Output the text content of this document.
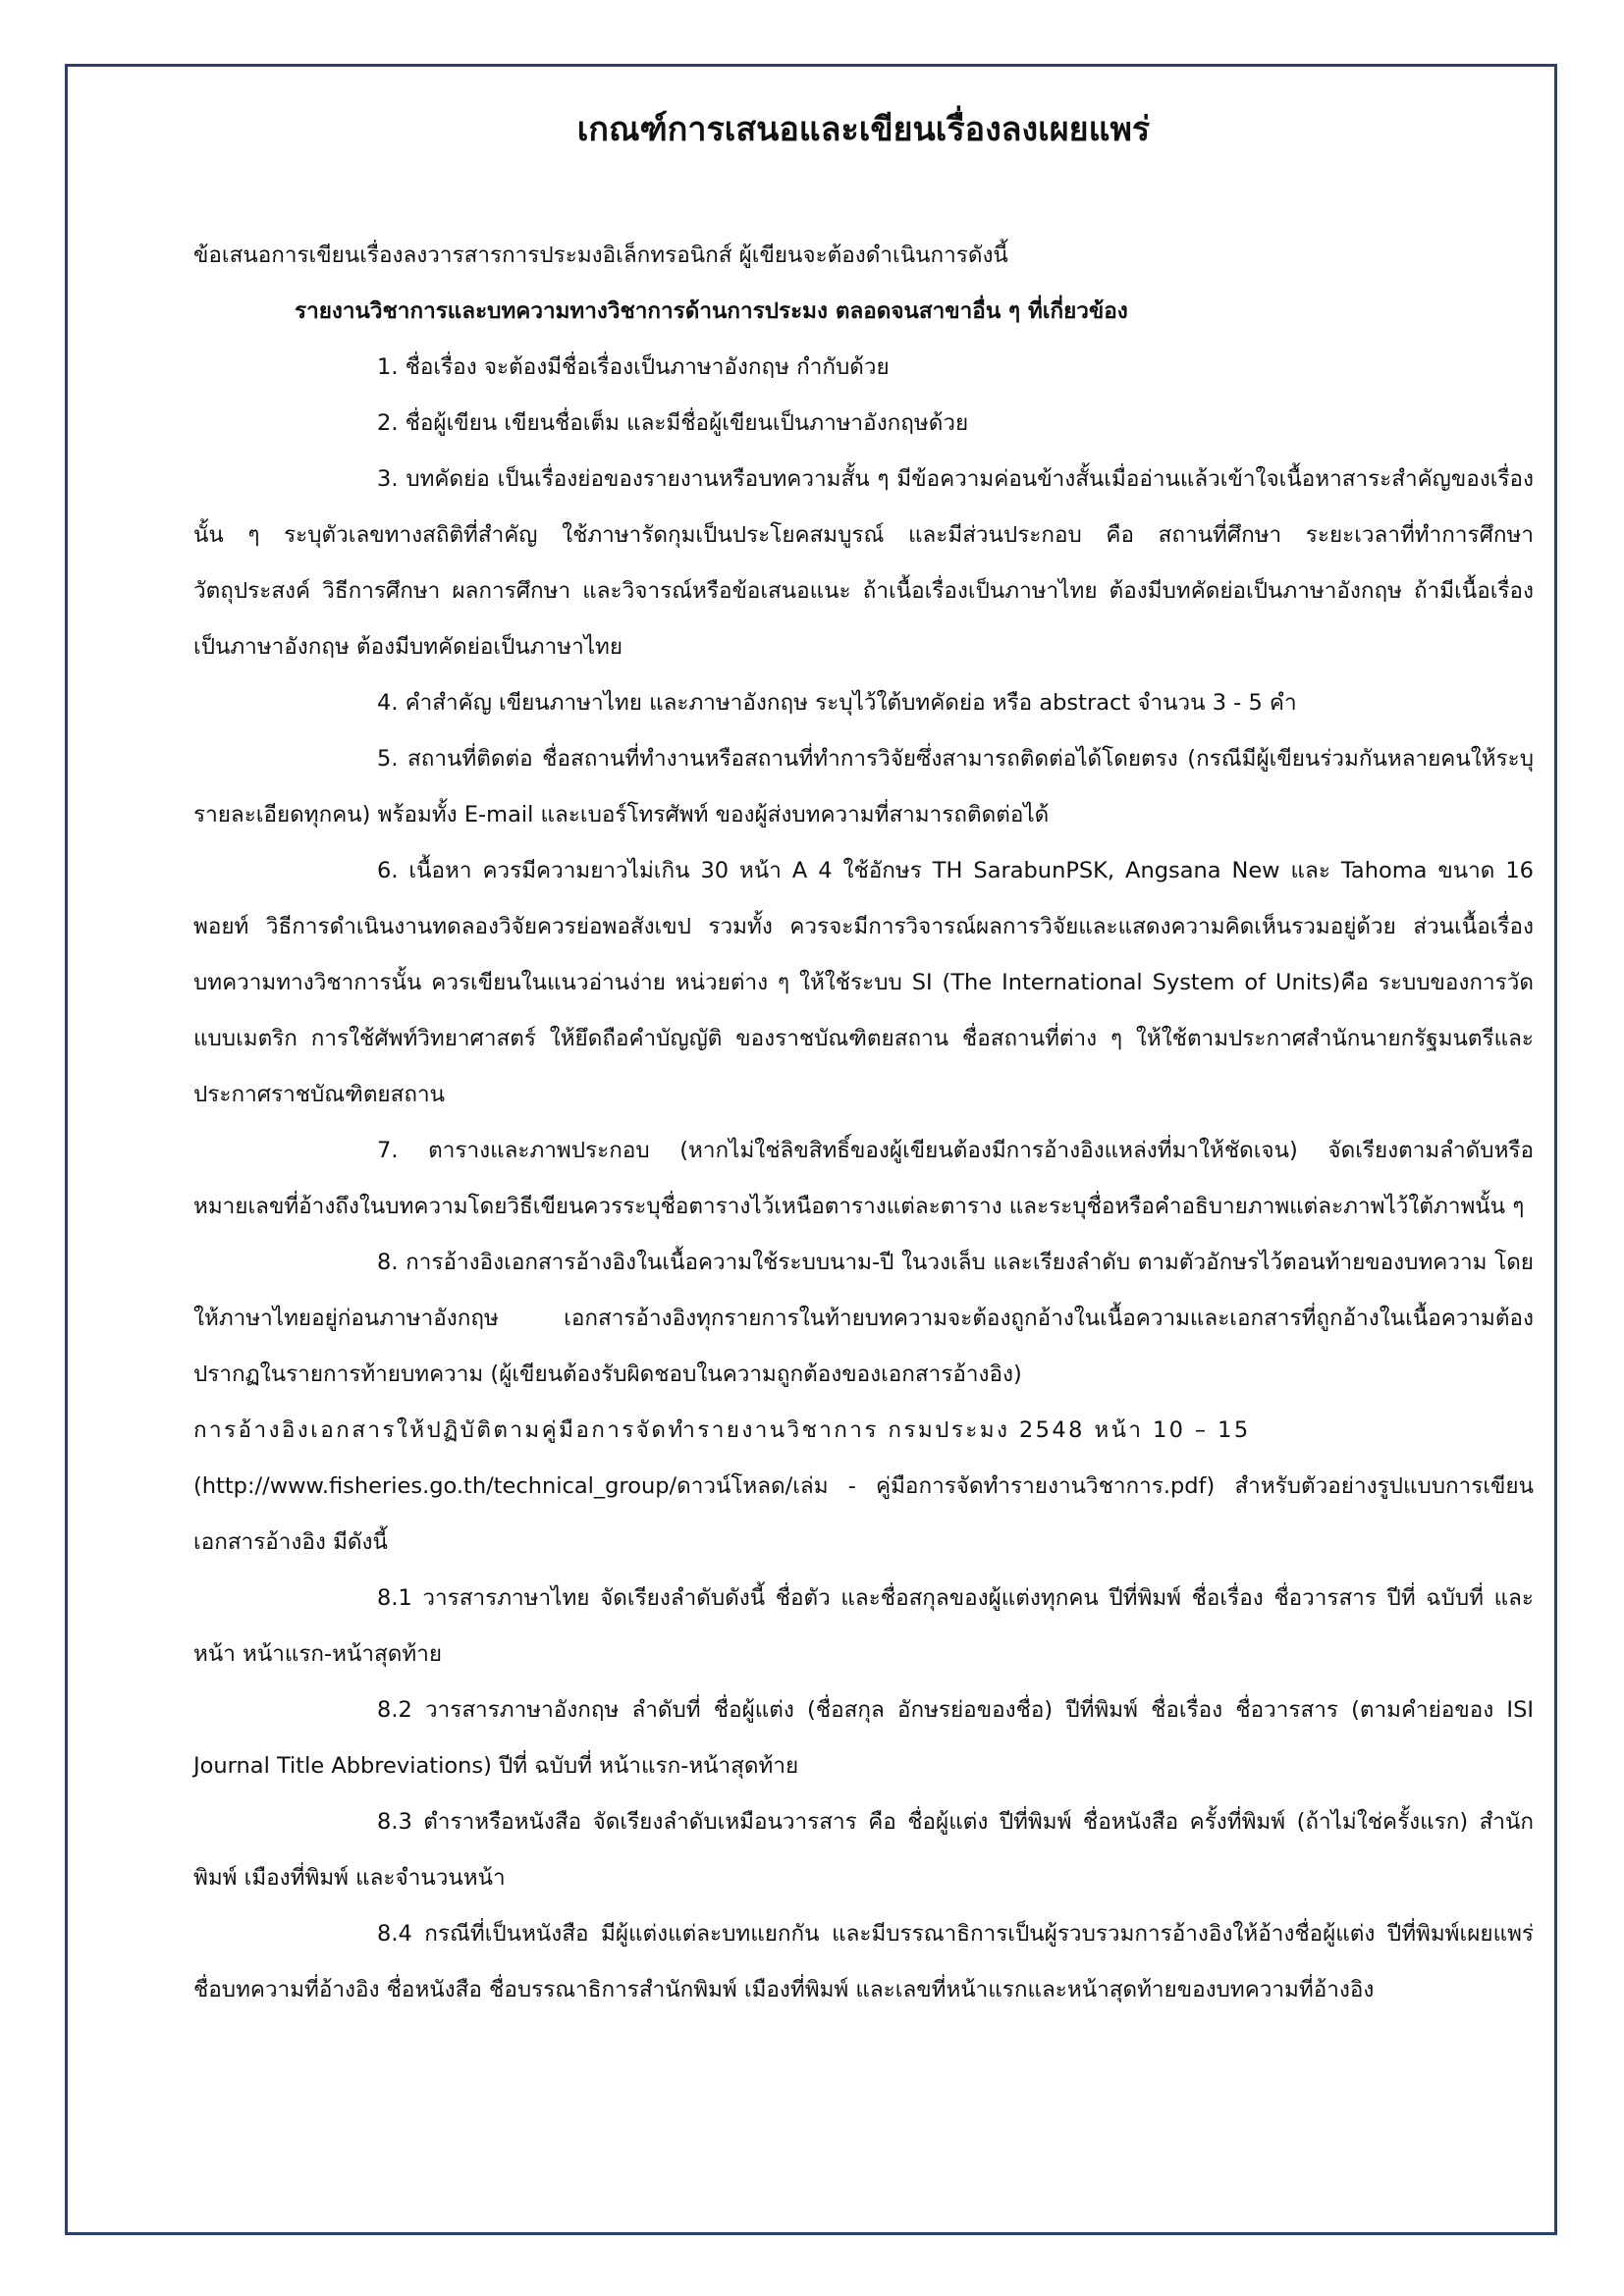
เกณฑ์การเสนอและเขียนเรื่องลงเผยแพร่

ข้อเสนอการเขียนเรื่องลงวารสารการประมงอิเล็กทรอนิกส์ ผู้เขียนจะต้องดำเนินการดังนี้

รายงานวิชาการและบทความทางวิชาการด้านการประมง ตลอดจนสาขาอื่น ๆ ที่เกี่ยวข้อง

1. ชื่อเรื่อง จะต้องมีชื่อเรื่องเป็นภาษาอังกฤษ กำกับด้วย

2. ชื่อผู้เขียน เขียนชื่อเต็ม และมีชื่อผู้เขียนเป็นภาษาอังกฤษด้วย

3. บทคัดย่อ เป็นเรื่องย่อของรายงานหรือบทความสั้น ๆ มีข้อความค่อนข้างสั้นเมื่ออ่านแล้วเข้าใจเนื้อหาสาระสำคัญของเรื่องนั้น ๆ ระบุตัวเลขทางสถิติที่สำคัญ ใช้ภาษารัดกุมเป็นประโยคสมบูรณ์ และมีส่วนประกอบ คือ สถานที่ศึกษา ระยะเวลาที่ทำการศึกษา วัตถุประสงค์ วิธีการศึกษา ผลการศึกษา และวิจารณ์หรือข้อเสนอแนะ ถ้าเนื้อเรื่องเป็นภาษาไทย ต้องมีบทคัดย่อเป็นภาษาอังกฤษ ถ้ามีเนื้อเรื่องเป็นภาษาอังกฤษ ต้องมีบทคัดย่อเป็นภาษาไทย

4. คำสำคัญ เขียนภาษาไทย และภาษาอังกฤษ ระบุไว้ใต้บทคัดย่อ หรือ abstract จำนวน 3 - 5 คำ

5. สถานที่ติดต่อ ชื่อสถานที่ทำงานหรือสถานที่ทำการวิจัยซึ่งสามารถติดต่อได้โดยตรง (กรณีมีผู้เขียนร่วมกันหลายคนให้ระบุรายละเอียดทุกคน) พร้อมทั้ง E-mail และเบอร์โทรศัพท์ ของผู้ส่งบทความที่สามารถติดต่อได้

6. เนื้อหา ควรมีความยาวไม่เกิน 30 หน้า A 4 ใช้อักษร TH SarabunPSK, Angsana New และ Tahoma ขนาด 16 พอยท์ วิธีการดำเนินงานทดลองวิจัยควรย่อพอสังเขป รวมทั้ง ควรจะมีการวิจารณ์ผลการวิจัยและแสดงความคิดเห็นรวมอยู่ด้วย ส่วนเนื้อเรื่องบทความทางวิชาการนั้น ควรเขียนในแนวอ่านง่าย หน่วยต่าง ๆ ให้ใช้ระบบ SI (The International System of Units)คือ ระบบของการวัดแบบเมตริก การใช้ศัพท์วิทยาศาสตร์ ให้ยึดถือคำบัญญัติ ของราชบัณฑิตยสถาน ชื่อสถานที่ต่าง ๆ ให้ใช้ตามประกาศสำนักนายกรัฐมนตรีและประกาศราชบัณฑิตยสถาน

7. ตารางและภาพประกอบ (หากไม่ใช่ลิขสิทธิ์ของผู้เขียนต้องมีการอ้างอิงแหล่งที่มาให้ชัดเจน) จัดเรียงตามลำดับหรือหมายเลขที่อ้างถึงในบทความโดยวิธีเขียนควรระบุชื่อตารางไว้เหนือตารางแต่ละตาราง และระบุชื่อหรือคำอธิบายภาพแต่ละภาพไว้ใต้ภาพนั้น ๆ

8. การอ้างอิงเอกสารอ้างอิงในเนื้อความใช้ระบบนาม-ปี ในวงเล็บ และเรียงลำดับ ตามตัวอักษรไว้ตอนท้ายของบทความ โดยให้ภาษาไทยอยู่ก่อนภาษาอังกฤษ เอกสารอ้างอิงทุกรายการในท้ายบทความจะต้องถูกอ้างในเนื้อความและเอกสารที่ถูกอ้างในเนื้อความต้องปรากฏในรายการท้ายบทความ (ผู้เขียนต้องรับผิดชอบในความถูกต้องของเอกสารอ้างอิง)
การอ้างอิงเอกสารให้ปฏิบัติตามคู่มือการจัดทำรายงานวิชาการ กรมประมง 2548 หน้า 10 – 15
(http://www.fisheries.go.th/technical_group/ดาวน์โหลด/เล่ม - คู่มือการจัดทำรายงานวิชาการ.pdf) สำหรับตัวอย่างรูปแบบการเขียนเอกสารอ้างอิง มีดังนี้

8.1 วารสารภาษาไทย จัดเรียงลำดับดังนี้ ชื่อตัว และชื่อสกุลของผู้แต่งทุกคน ปีที่พิมพ์ ชื่อเรื่อง ชื่อวารสาร ปีที่ ฉบับที่ และหน้า หน้าแรก-หน้าสุดท้าย

8.2 วารสารภาษาอังกฤษ ลำดับที่ ชื่อผู้แต่ง (ชื่อสกุล อักษรย่อของชื่อ) ปีที่พิมพ์ ชื่อเรื่อง ชื่อวารสาร (ตามคำย่อของ ISI Journal Title Abbreviations) ปีที่ ฉบับที่ หน้าแรก-หน้าสุดท้าย

8.3 ตำราหรือหนังสือ จัดเรียงลำดับเหมือนวารสาร คือ ชื่อผู้แต่ง ปีที่พิมพ์ ชื่อหนังสือ ครั้งที่พิมพ์ (ถ้าไม่ใช่ครั้งแรก) สำนักพิมพ์ เมืองที่พิมพ์ และจำนวนหน้า

8.4 กรณีที่เป็นหนังสือ มีผู้แต่งแต่ละบทแยกกัน และมีบรรณาธิการเป็นผู้รวบรวมการอ้างอิงให้อ้างชื่อผู้แต่ง ปีที่พิมพ์เผยแพร่ ชื่อบทความที่อ้างอิง ชื่อหนังสือ ชื่อบรรณาธิการสำนักพิมพ์ เมืองที่พิมพ์ และเลขที่หน้าแรกและหน้าสุดท้ายของบทความที่อ้างอิง
